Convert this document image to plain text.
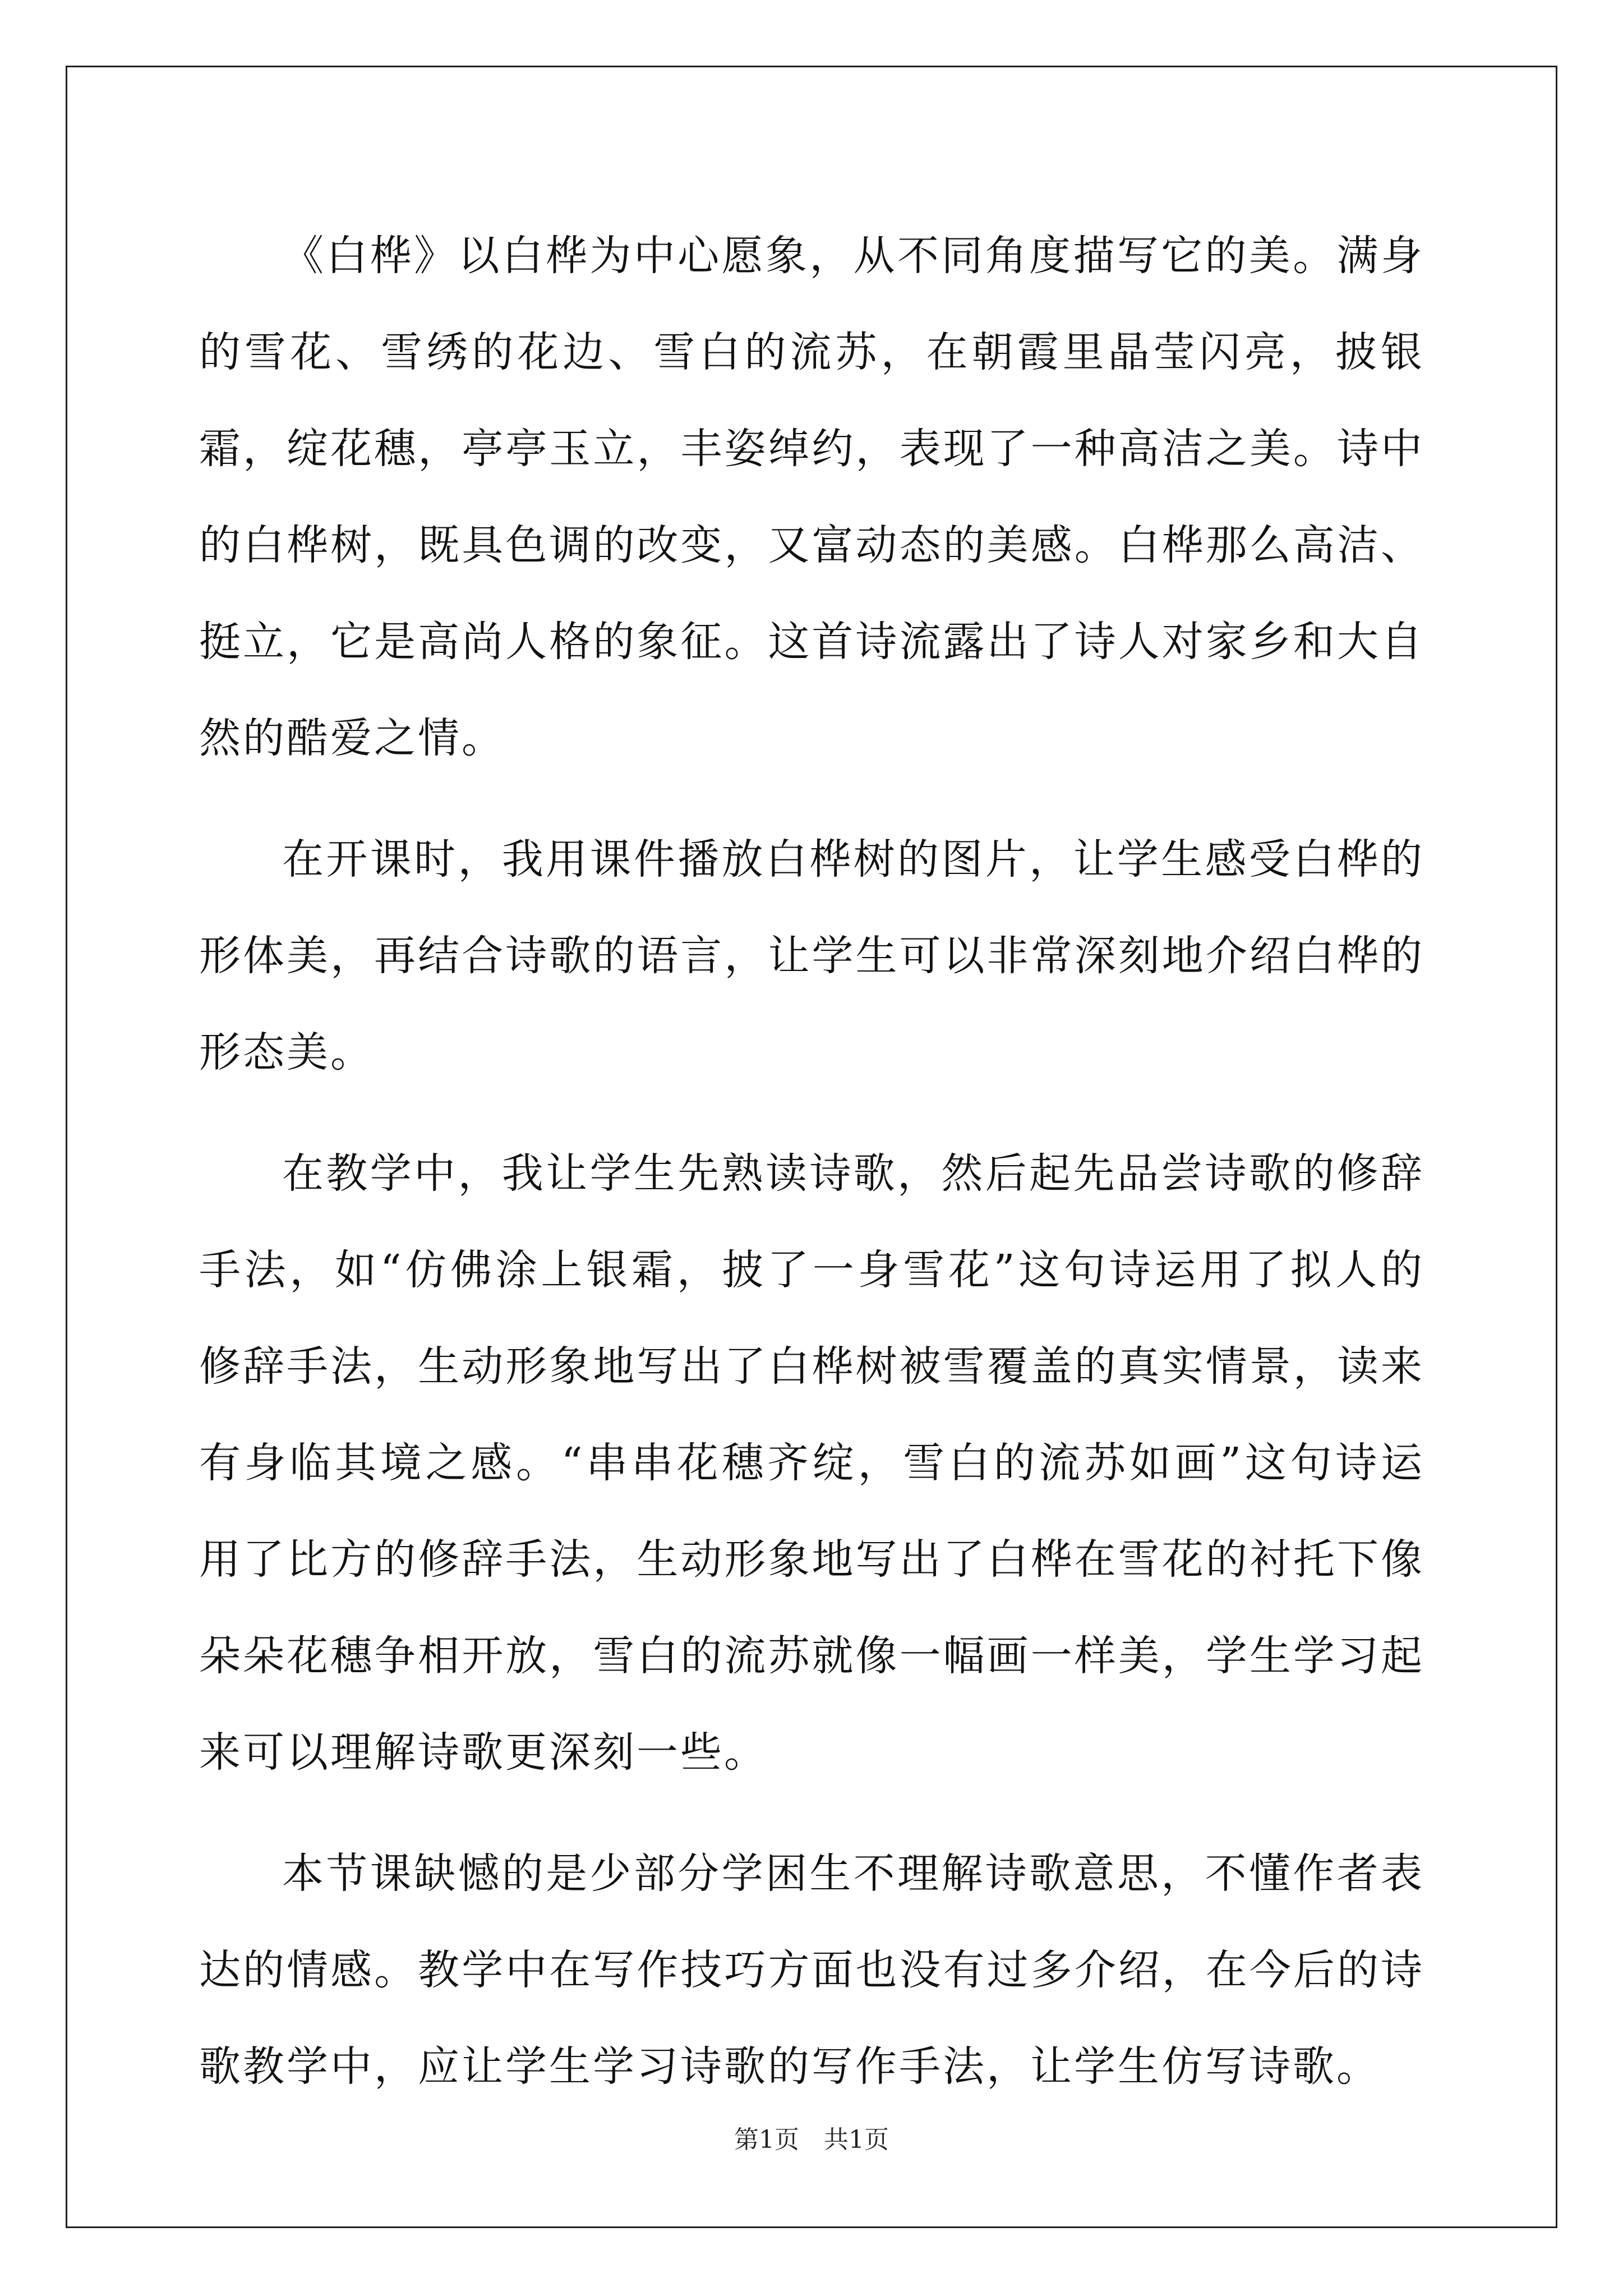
《白桦》以白桦为中心愿象，从不同角度描写它的美。满身的雪花、雪绣的花边、雪白的流苏，在朝霞里晶莹闪亮，披银霜，绽花穗，亭亭玉立，丰姿绰约，表现了一种高洁之美。诗中的白桦树，既具色调的改变，又富动态的美感。白桦那么高洁、挺立，它是高尚人格的象征。这首诗流露出了诗人对家乡和大自然的酷爱之情。

在开课时，我用课件播放白桦树的图片，让学生感受白桦的形体美，再结合诗歌的语言，让学生可以非常深刻地介绍白桦的形态美。

在教学中，我让学生先熟读诗歌，然后起先品尝诗歌的修辞手法，如“仿佛涂上银霜，披了一身雪花”这句诗运用了拟人的修辞手法，生动形象地写出了白桦树被雪覆盖的真实情景，读来有身临其境之感。“串串花穗齐绽，雪白的流苏如画”这句诗运用了比方的修辞手法，生动形象地写出了白桦在雪花的衬托下像朵朵花穗争相开放，雪白的流苏就像一幅画一样美，学生学习起来可以理解诗歌更深刻一些。

本节课缺憾的是少部分学困生不理解诗歌意思，不懂作者表达的情感。教学中在写作技巧方面也没有过多介绍，在今后的诗歌教学中，应让学生学习诗歌的写作手法，让学生仿写诗歌。

第1页　共1页
